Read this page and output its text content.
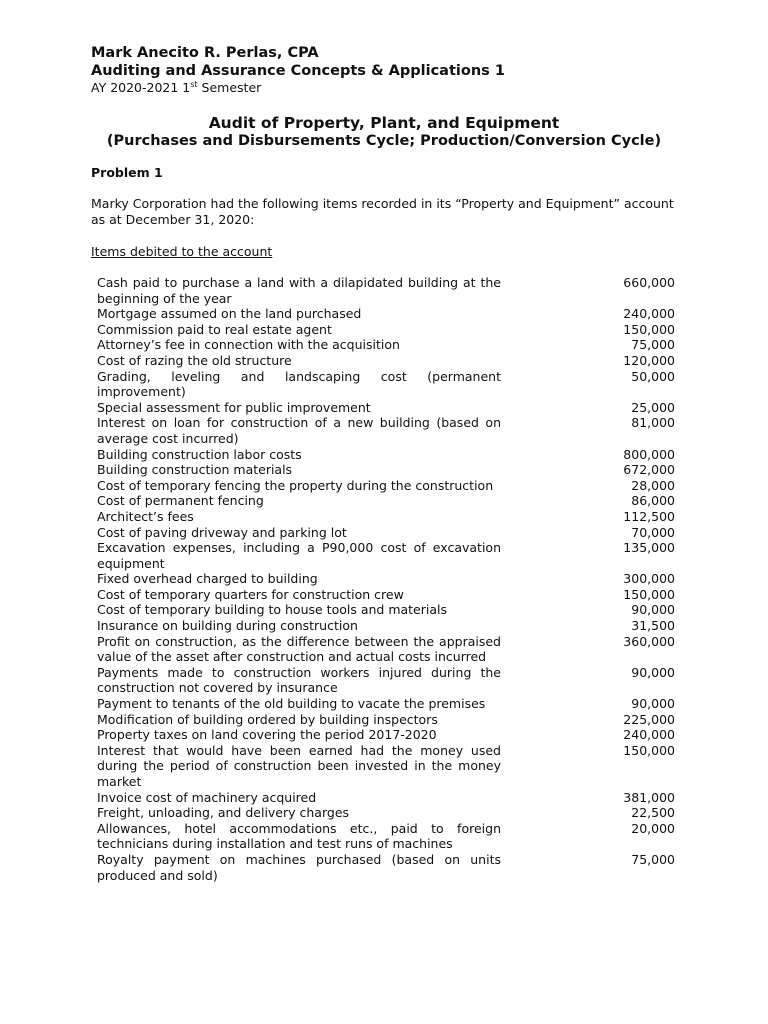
Mark Anecito R. Perlas, CPA
Auditing and Assurance Concepts & Applications 1
AY 2020-2021 1st Semester
Audit of Property, Plant, and Equipment
(Purchases and Disbursements Cycle; Production/Conversion Cycle)
Problem 1
Marky Corporation had the following items recorded in its “Property and Equipment” account as at December 31, 2020:
Items debited to the account
Cash paid to purchase a land with a dilapidated building at the beginning of the year
660,000
Mortgage assumed on the land purchased	240,000
Commission paid to real estate agent	150,000
Attorney’s fee in connection with the acquisition	75,000
Cost of razing the old structure	120,000
Grading, leveling and landscaping cost (permanent improvement)
50,000
Special assessment for public improvement	25,000
Interest on loan for construction of a new building (based on average cost incurred)
81,000
Building construction labor costs	800,000
Building construction materials	672,000
Cost of temporary fencing the property during the construction	28,000
Cost of permanent fencing	86,000
Architect’s fees	112,500
Cost of paving driveway and parking lot	70,000
Excavation expenses, including a P90,000 cost of excavation equipment
135,000
Fixed overhead charged to building	300,000
Cost of temporary quarters for construction crew	150,000
Cost of temporary building to house tools and materials	90,000
Insurance on building during construction	31,500
Profit on construction, as the difference between the appraised value of the asset after construction and actual costs incurred
360,000
Payments made to construction workers injured during the construction not covered by insurance
90,000
Payment to tenants of the old building to vacate the premises	90,000
Modification of building ordered by building inspectors	225,000
Property taxes on land covering the period 2017-2020	240,000
Interest that would have been earned had the money used during the period of construction been invested in the money market
150,000
Invoice cost of machinery acquired	381,000
Freight, unloading, and delivery charges	22,500
Allowances, hotel accommodations etc., paid to foreign technicians during installation and test runs of machines
20,000
Royalty payment on machines purchased (based on units produced and sold)
75,000
